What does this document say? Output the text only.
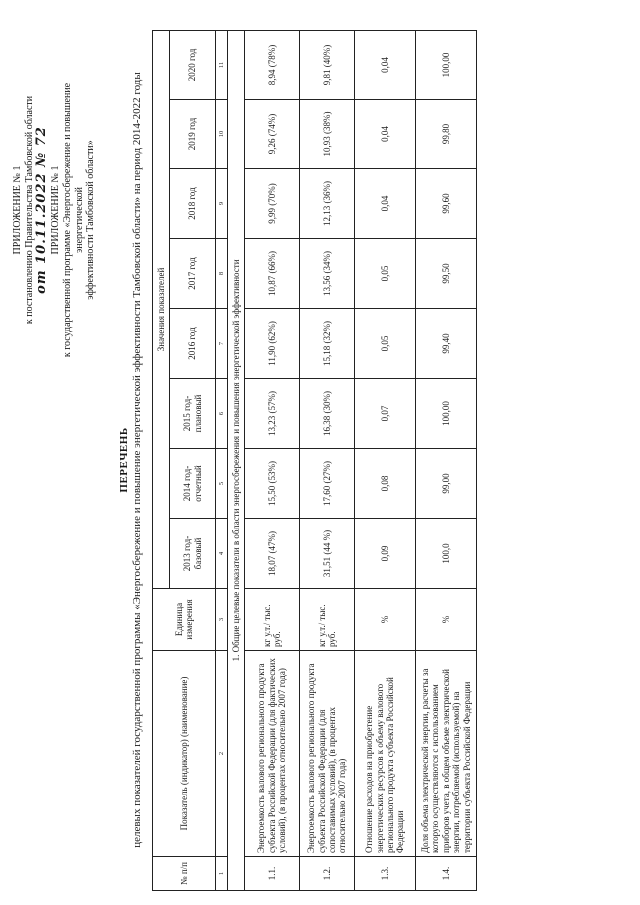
ПРИЛОЖЕНИЕ № 1 к постановлению Правительства Тамбовской области от 10.11.2022 № 72 ПРИЛОЖЕНИЕ № 1 к государственной программе «Энергосбережение и повышение энергетической эффективности Тамбовской области»
ПЕРЕЧЕНЬ целевых показателей государственной программы «Энергосбережение и повышение энергетической эффективности Тамбовской области» на период 2014-2022 годы
№ п/п	Показатель (индикатор) (наименование)	Единица измерения	Значения показателей							
			2013 год-базовый	2014 год-отчетный	2015 год-плановый	2016 год	2017 год	2018 год	2019 год	2020 год
1	2	3	4	5	6	7	8	9	10	11
1. Общие целевые показатели в области энергосбережения и повышения энергетической эффективности										
1.1.	Энергоемкость валового регионального продукта субъекта Российской Федерации (для фактических условий), (в процентах относительно 2007 года)	кг у.т./ тыс. руб.	18,07 (47%)	15,50 (53%)	13,23 (57%)	11,90 (62%)	10,87 (66%)	9,99 (70%)	9,26 (74%)	8,94 (78%)
1.2.	Энергоемкость валового регионального продукта субъекта Российской Федерации (для сопоставимых условий), (в процентах относительно 2007 года)	кг у.т./ тыс. руб.	31,51 (44 %)	17,60 (27%)	16,38 (30%)	15,18 (32%)	13,56 (34%)	12,13 (36%)	10,93 (38%)	9,81 (40%)
1.3.	Отношение расходов на приобретение энергетических ресурсов к объему валового регионального продукта субъекта Российской Федерации	%	0,09	0,08	0,07	0,05	0,05	0,04	0,04	0,04
1.4.	Доля объема электрической энергии, расчеты за которую осуществляются с использованием приборов учета, в общем объеме электрической энергии, потребляемой (используемой) на территории субъекта Российской Федерации	%	100,0	99,00	100,00	99,40	99,50	99,60	99,80	100,00
